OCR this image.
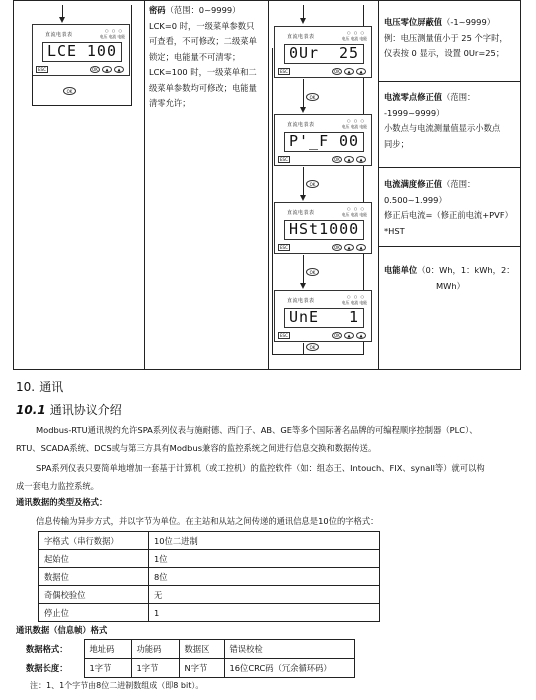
直流电表表
○ ○ ○
电压 电流 电能
LCE 100
ESC	OK	▲	▲
OK
密码（范围：0~9999）
LCK=0 时，一级菜单参数只
可查看，不可修改；二级菜单
锁定；电能量不可清零；
LCK=100 时，一级菜单和二
级菜单参数均可修改；电能量
清零允许；
直流电表表
○ ○ ○
电压 电流 电能
0Ur 25
ESC	OK	▲	▲
OK
直流电表表
○ ○ ○
电压 电流 电能
P'_F 00
ESC	OK	▲	▲
OK
直流电表表
○ ○ ○
电压 电流 电能
HSt 1000
ESC	OK	▲	▲
OK
直流电表表
○ ○ ○
电压 电流 电能
UnE 1
ESC	OK	▲	▲
OK
电压零位屏蔽值（-1~9999）
例：电压测量值小于 25 个字时，
仪表按 0 显示，设置 0Ur=25；
电流零点修正值（范围：
-1999~9999）
小数点与电流测量值显示小数点
同步；
电流满度修正值（范围：
0.500~1.999）
修正后电流=（修正前电流+PVF）
*HST
电能单位（0：Wh，1：kWh，2：
MWh）
10. 通讯
10.1 通讯协议介绍
Modbus-RTU通讯规约允许SPA系列仪表与施耐德、西门子、AB、GE等多个国际著名品牌的可编程顺序控制器（PLC）、
RTU、SCADA系统、DCS或与第三方具有Modbus兼容的监控系统之间进行信息交换和数据传送。
SPA系列仪表只要简单地增加一套基于计算机（或工控机）的监控软件（如：组态王、Intouch、FIX、synall等）就可以构
成一套电力监控系统。
通讯数据的类型及格式：
信息传输为异步方式，并以字节为单位。在主站和从站之间传递的通讯信息是10位的字格式：
字格式（串行数据）	10位二进制
起始位	1位
数据位	8位
奇偶校验位	无
停止位	1
通讯数据（信息帧）格式
数据格式：	地址码	功能码	数据区	错误校检
数据长度：	1字节	1字节	N字节	16位CRC码（冗余循环码）
注：1、1个字节由8位二进制数组成（即8 bit）。
